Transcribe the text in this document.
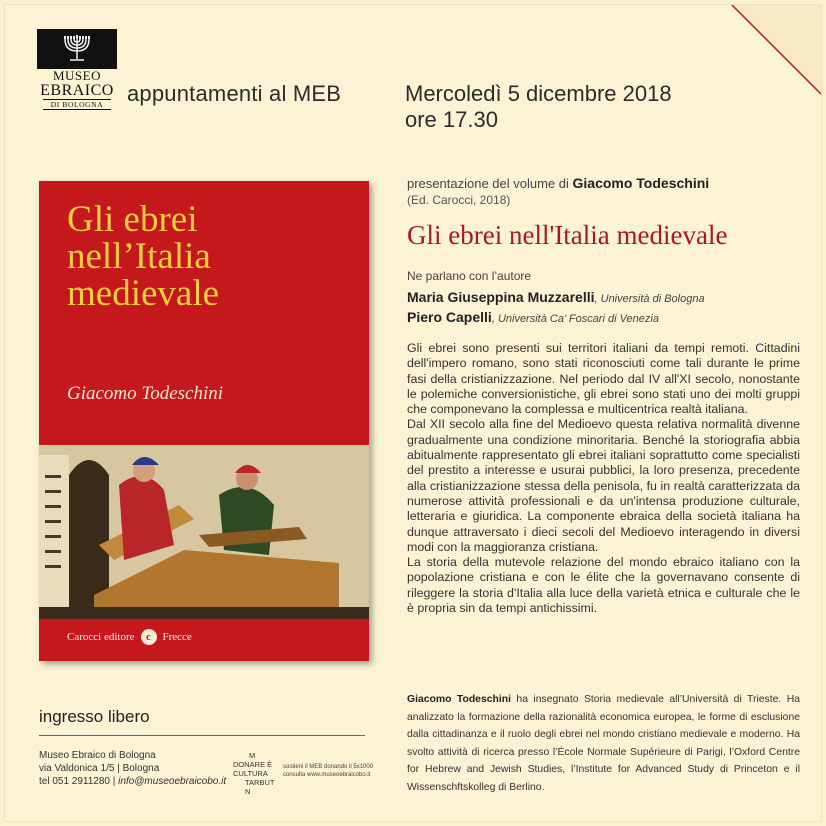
MUSEO
EBRAICO
DI BOLOGNA	appuntamenti al MEB	Mercoledì 5 dicembre 2018
ore 17.30
Gli ebrei
nell’Italia
medievale
Giacomo Todeschini
Carocci editore	c	Frecce
presentazione del volume di Giacomo Todeschini
(Ed. Carocci, 2018)
Gli ebrei nell'Italia medievale
Ne parlano con l’autore
Maria Giuseppina Muzzarelli, Università di Bologna
Piero Capelli, Università Ca’ Foscari di Venezia

Gli ebrei sono presenti sui territori italiani da tempi remoti. Cittadini dell'impero romano, sono stati riconosciuti come tali durante le prime fasi della cristianizzazione. Nel periodo dal IV all'XI secolo, nonostante le polemiche conversionistiche, gli ebrei sono stati uno dei molti gruppi che componevano la complessa e multicentrica realtà italiana.

Dal XII secolo alla fine del Medioevo questa relativa normalità divenne gradualmente una condizione minoritaria. Benché la storiografia abbia abitualmente rappresentato gli ebrei italiani soprattutto come specialisti del prestito a interesse e usurai pubblici, la loro presenza, precedente alla cristianizzazione stessa della penisola, fu in realtà caratterizzata da numerose attività professionali e da un'intensa produzione culturale, letteraria e giuridica. La componente ebraica della società italiana ha dunque attraversato i dieci secoli del Medioevo interagendo in diversi modi con la maggioranza cristiana.

La storia della mutevole relazione del mondo ebraico italiano con la popolazione cristiana e con le élite che la governavano consente di rileggere la storia d'Italia alla luce della varietà etnica e culturale che le è propria sin da tempi antichissimi.

Giacomo Todeschini ha insegnato Storia medievale all’Università di Trieste. Ha analizzato la formazione della razionalità economica europea, le forme di esclusione dalla cittadinanza e il ruolo degli ebrei nel mondo cristiano medievale e moderno. Ha svolto attività di ricerca presso l’École Normale Supérieure di Parigi, l’Oxford Centre for Hebrew and Jewish Studies, l’Institute for Advanced Study di Princeton e il Wissenschftskolleg di Berlino.
ingresso libero
Museo Ebraico di Bologna
via Valdonica 1/5 | Bologna
tel 051 2911280 | info@museoebraicobo.it
M
DONARE È CULTURA
TARBUT
N
sostieni il MEB donando il 5x1000
consulta www.museoebraicobo.it
